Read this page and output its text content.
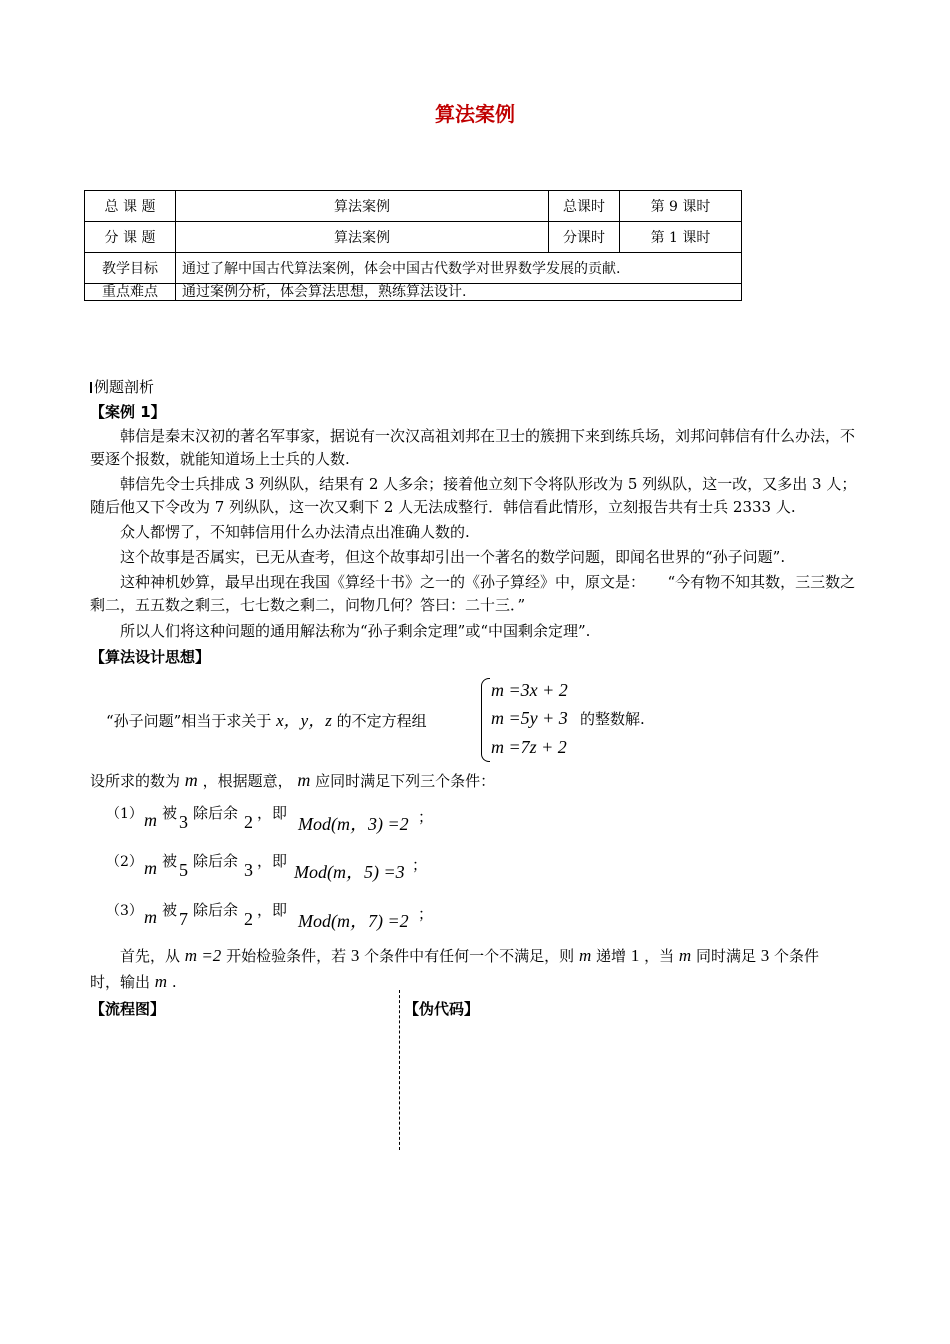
算法案例
总 课 题	算法案例	总课时	第 9 课时
分 课 题	算法案例	分课时	第 1 课时
教学目标	通过了解中国古代算法案例，体会中国古代数学对世界数学发展的贡献.		
重点难点	通过案例分析，体会算法思想，熟练算法设计.		
例题剖析
【案例 1】
韩信是秦末汉初的著名军事家，据说有一次汉高祖刘邦在卫士的簇拥下来到练兵场，刘邦问韩信有什么办法，不要逐个报数，就能知道场上士兵的人数.
韩信先令士兵排成 3 列纵队，结果有 2 人多余；接着他立刻下令将队形改为 5 列纵队，这一改，又多出 3 人；随后他又下令改为 7 列纵队，这一次又剩下 2 人无法成整行．韩信看此情形，立刻报告共有士兵 2333 人.
众人都愣了，不知韩信用什么办法清点出准确人数的.
这个故事是否属实，已无从查考，但这个故事却引出一个著名的数学问题，即闻名世界的“孙子问题”.
这种神机妙算，最早出现在我国《算经十书》之一的《孙子算经》中，原文是：　　“今有物不知其数，三三数之剩二，五五数之剩三，七七数之剩二，问物几何？答曰：二十三．”
所以人们将这种问题的通用解法称为“孙子剩余定理”或“中国剩余定理”.
【算法设计思想】
“孙子问题”相当于求关于 x，y，z 的不定方程组
m =3x + 2
m =5y + 3
m =7z + 2
的整数解.
设所求的数为 m ，根据题意， m 应同时满足下列三个条件：
（1） m 被 3 除后余 2 ，即
Mod(m，3) =2 ；
（2） m 被 5 除后余 3 ，即
Mod(m，5) =3 ；
（3） m 被 7 除后余 2 ，即
Mod(m，7) =2 ；
首先，从 m =2 开始检验条件，若 3 个条件中有任何一个不满足，则 m 递增 1 ，当 m 同时满足 3 个条件
时，输出 m .
【流程图】	【伪代码】
